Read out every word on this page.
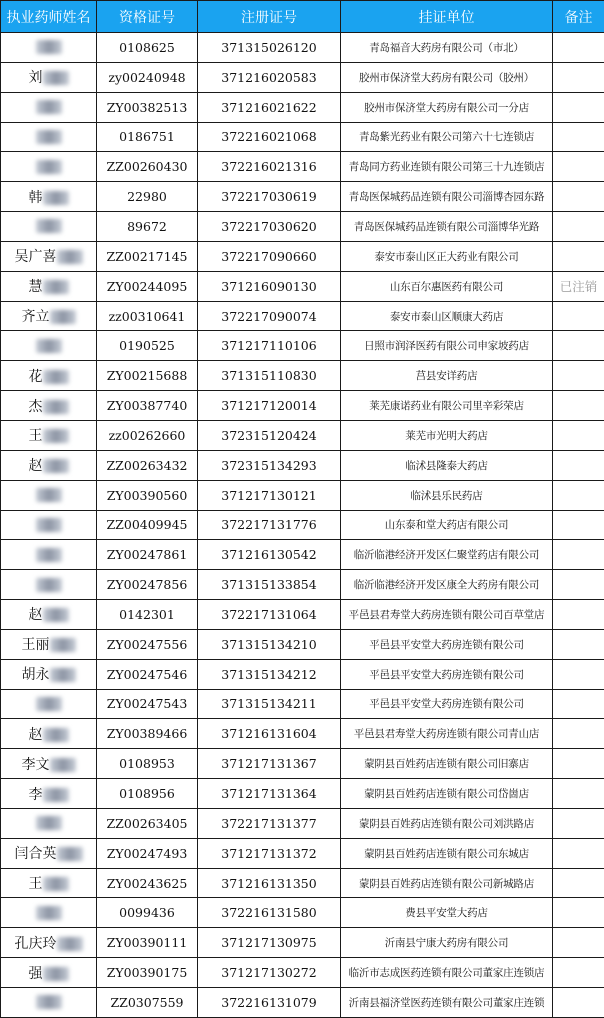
执业药师姓名	资格证号	注册证号	挂证单位	备注
	0108625	371315026120	青岛福音大药房有限公司（市北）	
刘	zy00240948	371216020583	胶州市保济堂大药房有限公司（胶州）	
	ZY00382513	371216021622	胶州市保济堂大药房有限公司一分店	
	0186751	372216021068	青岛紫光药业有限公司第六十七连锁店	
	ZZ00260430	372216021316	青岛同方药业连锁有限公司第三十九连锁店	
韩	22980	372217030619	青岛医保城药品连锁有限公司淄博杏园东路	
	89672	372217030620	青岛医保城药品连锁有限公司淄博华光路	
吴广喜	ZZ00217145	372217090660	泰安市泰山区正大药业有限公司	
慧	ZY00244095	371216090130	山东百尔惠医药有限公司	已注销
齐立	zz00310641	372217090074	泰安市泰山区顺康大药店	
	0190525	371217110106	日照市润泽医药有限公司申家坡药店	
花	ZY00215688	371315110830	莒县安详药店	
杰	ZY00387740	371217120014	莱芜康诺药业有限公司里辛彩荣店	
王	zz00262660	372315120424	莱芜市光明大药店	
赵	ZZ00263432	372315134293	临沭县隆泰大药店	
	ZY00390560	371217130121	临沭县乐民药店	
	ZZ00409945	372217131776	山东泰和堂大药店有限公司	
	ZY00247861	371216130542	临沂临港经济开发区仁聚堂药店有限公司	
	ZY00247856	371315133854	临沂临港经济开发区康全大药房有限公司	
赵	0142301	372217131064	平邑县君寿堂大药房连锁有限公司百草堂店	
王丽	ZY00247556	371315134210	平邑县平安堂大药房连锁有限公司	
胡永	ZY00247546	371315134212	平邑县平安堂大药房连锁有限公司	
	ZY00247543	371315134211	平邑县平安堂大药房连锁有限公司	
赵	ZY00389466	371216131604	平邑县君寿堂大药房连锁有限公司青山店	
李文	0108953	371217131367	蒙阴县百姓药店连锁有限公司旧寨店	
李	0108956	371217131364	蒙阴县百姓药店连锁有限公司岱崮店	
	ZZ00263405	372217131377	蒙阴县百姓药店连锁有限公司刘洪路店	
闫合英	ZY00247493	371217131372	蒙阴县百姓药店连锁有限公司东城店	
王	ZY00243625	371216131350	蒙阴县百姓药店连锁有限公司新城路店	
	0099436	372216131580	费县平安堂大药店	
孔庆玲	ZY00390111	371217130975	沂南县宁康大药房有限公司	
强	ZY00390175	371217130272	临沂市志成医药连锁有限公司董家庄连锁店	
	ZZ0307559	372216131079	沂南县福济堂医药连锁有限公司董家庄连锁	
